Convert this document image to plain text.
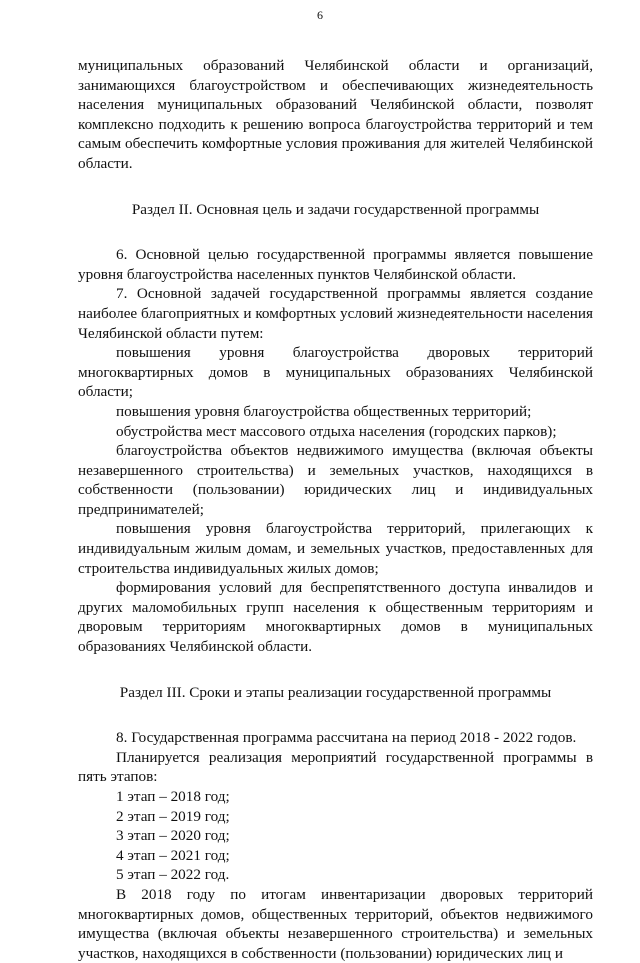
6

муниципальных образований Челябинской области и организаций, занимающихся благоустройством и обеспечивающих жизнедеятельность населения муниципальных образований Челябинской области, позволят комплексно подходить к решению вопроса благоустройства территорий и тем самым обеспечить комфортные условия проживания для жителей Челябинской области.

Раздел II. Основная цель и задачи государственной программы

6. Основной целью государственной программы является повышение уровня благоустройства населенных пунктов Челябинской области.

7. Основной задачей государственной программы является создание наиболее благоприятных и комфортных условий жизнедеятельности населения Челябинской области путем:

повышения уровня благоустройства дворовых территорий многоквартирных домов в муниципальных образованиях Челябинской области;

повышения уровня благоустройства общественных территорий;

обустройства мест массового отдыха населения (городских парков);

благоустройства объектов недвижимого имущества (включая объекты незавершенного строительства) и земельных участков, находящихся в собственности (пользовании) юридических лиц и индивидуальных предпринимателей;

повышения уровня благоустройства территорий, прилегающих к индивидуальным жилым домам, и земельных участков, предоставленных для строительства индивидуальных жилых домов;

формирования условий для беспрепятственного доступа инвалидов и других маломобильных групп населения к общественным территориям и дворовым территориям многоквартирных домов в муниципальных образованиях Челябинской области.

Раздел III. Сроки и этапы реализации государственной программы

8. Государственная программа рассчитана на период 2018 - 2022 годов.

Планируется реализация мероприятий государственной программы в пять этапов:

1 этап – 2018 год;

2 этап – 2019 год;

3 этап – 2020 год;

4 этап – 2021 год;

5 этап – 2022 год.

В 2018 году по итогам инвентаризации дворовых территорий многоквартирных домов, общественных территорий, объектов недвижимого имущества (включая объекты незавершенного строительства) и земельных участков, находящихся в собственности (пользовании) юридических лиц и
